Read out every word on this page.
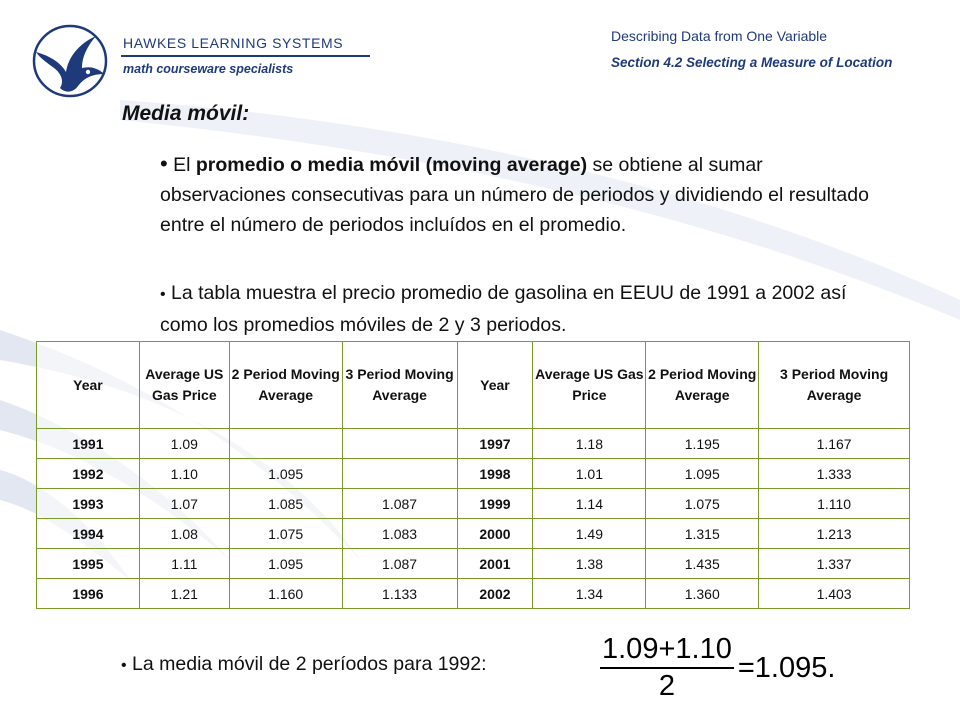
HAWKES LEARNING SYSTEMS
math courseware specialists
Describing Data from One Variable
Section 4.2 Selecting a Measure of Location
Media móvil:
• El promedio o media móvil (moving average) se obtiene al sumar observaciones consecutivas para un número de periodos y dividiendo el resultado entre el número de periodos incluídos en el promedio.
• La tabla muestra el precio promedio de gasolina en EEUU de 1991 a 2002 así como los promedios móviles de 2 y 3 periodos.
Year	Average US Gas Price	2 Period Moving Average	3 Period Moving Average	Year	Average US Gas Price	2 Period Moving Average	3 Period Moving Average
1991	1.09			1997	1.18	1.195	1.167
1992	1.10	1.095		1998	1.01	1.095	1.333
1993	1.07	1.085	1.087	1999	1.14	1.075	1.110
1994	1.08	1.075	1.083	2000	1.49	1.315	1.213
1995	1.11	1.095	1.087	2001	1.38	1.435	1.337
1996	1.21	1.160	1.133	2002	1.34	1.360	1.403
• La media móvil de 2 períodos para 1992:	$\frac{1.09+1.10}{2} =1.095$.
